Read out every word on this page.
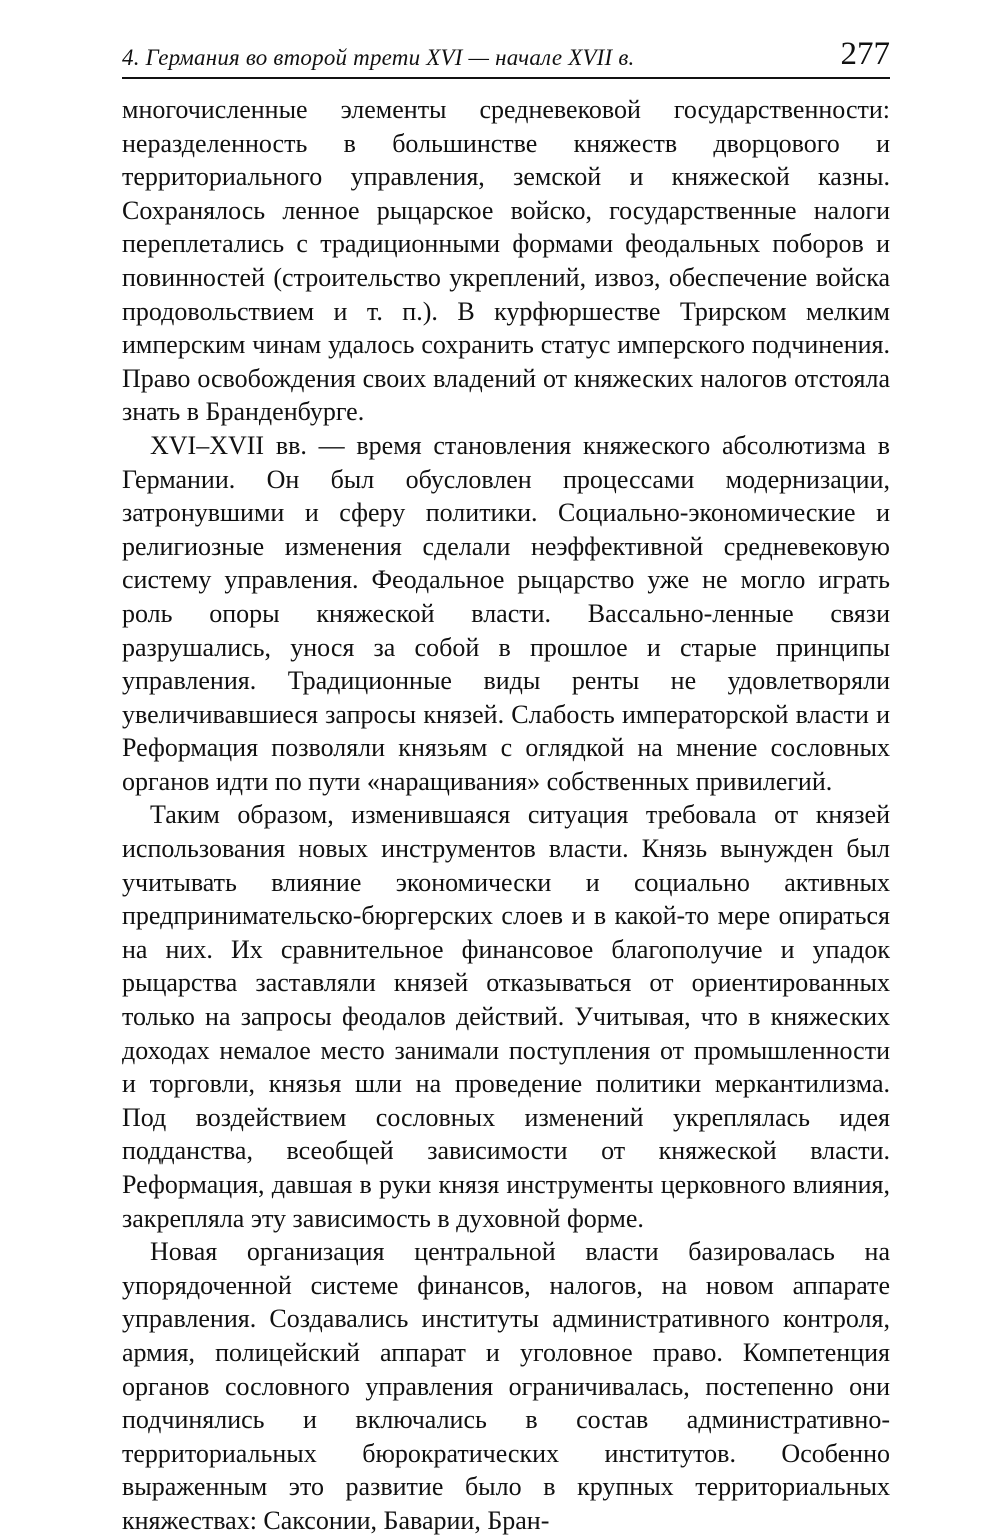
4. Германия во второй трети XVI — начале XVII в.	277

многочисленные элементы средневековой государственности: неразделенность в большинстве княжеств дворцового и территориального управления, земской и княжеской казны. Сохранялось ленное рыцарское войско, государственные налоги переплетались с традиционными формами феодальных поборов и повинностей (строительство укреплений, извоз, обеспечение войска продовольствием и т. п.). В курфюршестве Трирском мелким имперским чинам удалось сохранить статус имперского подчинения. Право освобождения своих владений от княжеских налогов отстояла знать в Бранденбурге.

XVI–XVII вв. — время становления княжеского абсолютизма в Германии. Он был обусловлен процессами модернизации, затронувшими и сферу политики. Социально-экономические и религиозные изменения сделали неэффективной средневековую систему управления. Феодальное рыцарство уже не могло играть роль опоры княжеской власти. Вассально-ленные связи разрушались, унося за собой в прошлое и старые принципы управления. Традиционные виды ренты не удовлетворяли увеличивавшиеся запросы князей. Слабость императорской власти и Реформация позволяли князьям с оглядкой на мнение сословных органов идти по пути «наращивания» собственных привилегий.

Таким образом, изменившаяся ситуация требовала от князей использования новых инструментов власти. Князь вынужден был учитывать влияние экономически и социально активных предпринимательско-бюргерских слоев и в какой-то мере опираться на них. Их сравнительное финансовое благополучие и упадок рыцарства заставляли князей отказываться от ориентированных только на запросы феодалов действий. Учитывая, что в княжеских доходах немалое место занимали поступления от промышленности и торговли, князья шли на проведение политики меркантилизма. Под воздействием сословных изменений укреплялась идея подданства, всеобщей зависимости от княжеской власти. Реформация, давшая в руки князя инструменты церковного влияния, закрепляла эту зависимость в духовной форме.

Новая организация центральной власти базировалась на упорядоченной системе финансов, налогов, на новом аппарате управления. Создавались институты административного контроля, армия, полицейский аппарат и уголовное право. Компетенция органов сословного управления ограничивалась, постепенно они подчинялись и включались в состав административно-территориальных бюрократических институтов. Особенно выраженным это развитие было в крупных территориальных княжествах: Саксонии, Баварии, Бран-
